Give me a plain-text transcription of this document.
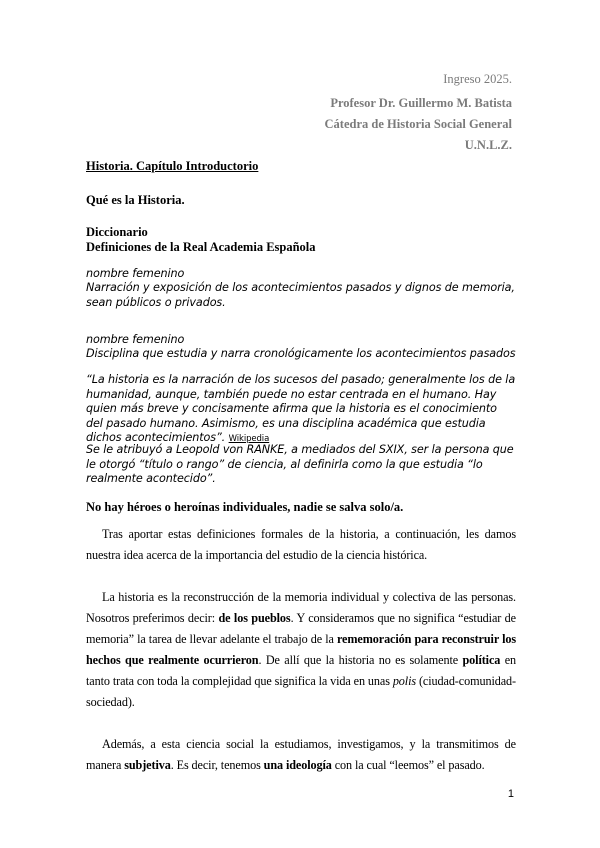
Ingreso 2025.
Profesor Dr. Guillermo M. Batista
Cátedra de Historia Social General
U.N.L.Z.
Historia. Capítulo Introductorio
Qué es la Historia.
Diccionario
Definiciones de la Real Academia Española
nombre femenino
Narración y exposición de los acontecimientos pasados y dignos de memoria, sean públicos o privados.
nombre femenino
Disciplina que estudia y narra cronológicamente los acontecimientos pasados
“La historia es la narración de los sucesos del pasado; generalmente los de la humanidad, aunque, también puede no estar centrada en el humano. Hay quien más breve y concisamente afirma que la historia es el conocimiento del pasado humano. Asimismo, es una disciplina académica que estudia dichos acontecimientos”. Wikipedia
Se le atribuyó a Leopold von RANKE, a mediados del SXIX, ser la persona que le otorgó “título o rango” de ciencia, al definirla como la que estudia “lo realmente acontecido”.
No hay héroes o heroínas individuales, nadie se salva solo/a.
Tras aportar estas definiciones formales de la historia, a continuación, les damos nuestra idea acerca de la importancia del estudio de la ciencia histórica.
La historia es la reconstrucción de la memoria individual y colectiva de las personas. Nosotros preferimos decir: de los pueblos. Y consideramos que no significa “estudiar de memoria” la tarea de llevar adelante el trabajo de la rememoración para reconstruir los hechos que realmente ocurrieron. De allí que la historia no es solamente política en tanto trata con toda la complejidad que significa la vida en unas polis (ciudad-comunidad-sociedad).
Además, a esta ciencia social la estudiamos, investigamos, y la transmitimos de manera subjetiva. Es decir, tenemos una ideología con la cual “leemos” el pasado.
1
